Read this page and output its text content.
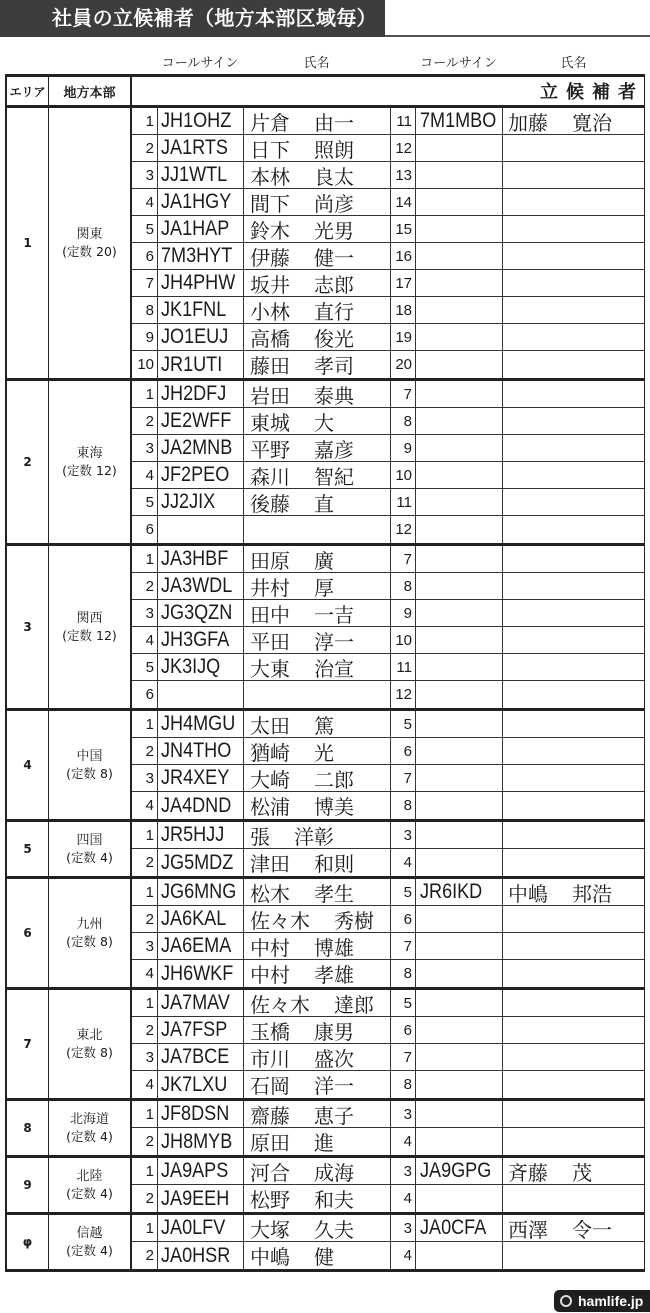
社員の立候補者（地方本部区域毎）
コールサイン	氏名	コールサイン	氏名
エリア	地方本部	立候補者
1
関東
(定数 20)
1 JH1OHZ 片倉 由一	11 7M1MBO 加藤 寛治
2 JA1RTS 日下 照朗	12
3 JJ1WTL 本林 良太	13
4 JA1HGY 間下 尚彦	14
5 JA1HAP 鈴木 光男	15
6 7M3HYT 伊藤 健一	16
7 JH4PHW 坂井 志郎	17
8 JK1FNL 小林 直行	18
9 JO1EUJ 高橋 俊光	19
10 JR1UTI 藤田 孝司	20
2
東海
(定数 12)
1 JH2DFJ 岩田 泰典	7
2 JE2WFF 東城 大	8
3 JA2MNB 平野 嘉彦	9
4 JF2PEO 森川 智紀	10
5 JJ2JIX 後藤 直	11
6	12
3
関西
(定数 12)
1 JA3HBF 田原 廣	7
2 JA3WDL 井村 厚	8
3 JG3QZN 田中 一吉	9
4 JH3GFA 平田 淳一	10
5 JK3IJQ 大東 治宣	11
6	12
4
中国
(定数 8)
1 JH4MGU 太田 篤	5
2 JN4THO 猶崎 光	6
3 JR4XEY 大崎 二郎	7
4 JA4DND 松浦 博美	8
5
四国
(定数 4)
1 JR5HJJ 張 洋彰	3
2 JG5MDZ 津田 和則	4
6
九州
(定数 8)
1 JG6MNG 松木 孝生	5 JR6IKD 中嶋 邦浩
2 JA6KAL 佐々木 秀樹	6
3 JA6EMA 中村 博雄	7
4 JH6WKF 中村 孝雄	8
7
東北
(定数 8)
1 JA7MAV 佐々木 達郎	5
2 JA7FSP 玉橋 康男	6
3 JA7BCE 市川 盛次	7
4 JK7LXU 石岡 洋一	8
8
北海道
(定数 4)
1 JF8DSN 齋藤 恵子	3
2 JH8MYB 原田 進	4
9
北陸
(定数 4)
1 JA9APS 河合 成海	3 JA9GPG 斉藤 茂
2 JA9EEH 松野 和夫	4
φ
信越
(定数 4)
1 JA0LFV 大塚 久夫	3 JA0CFA 西澤 令一
2 JA0HSR 中嶋 健	4
hamlife.jp
